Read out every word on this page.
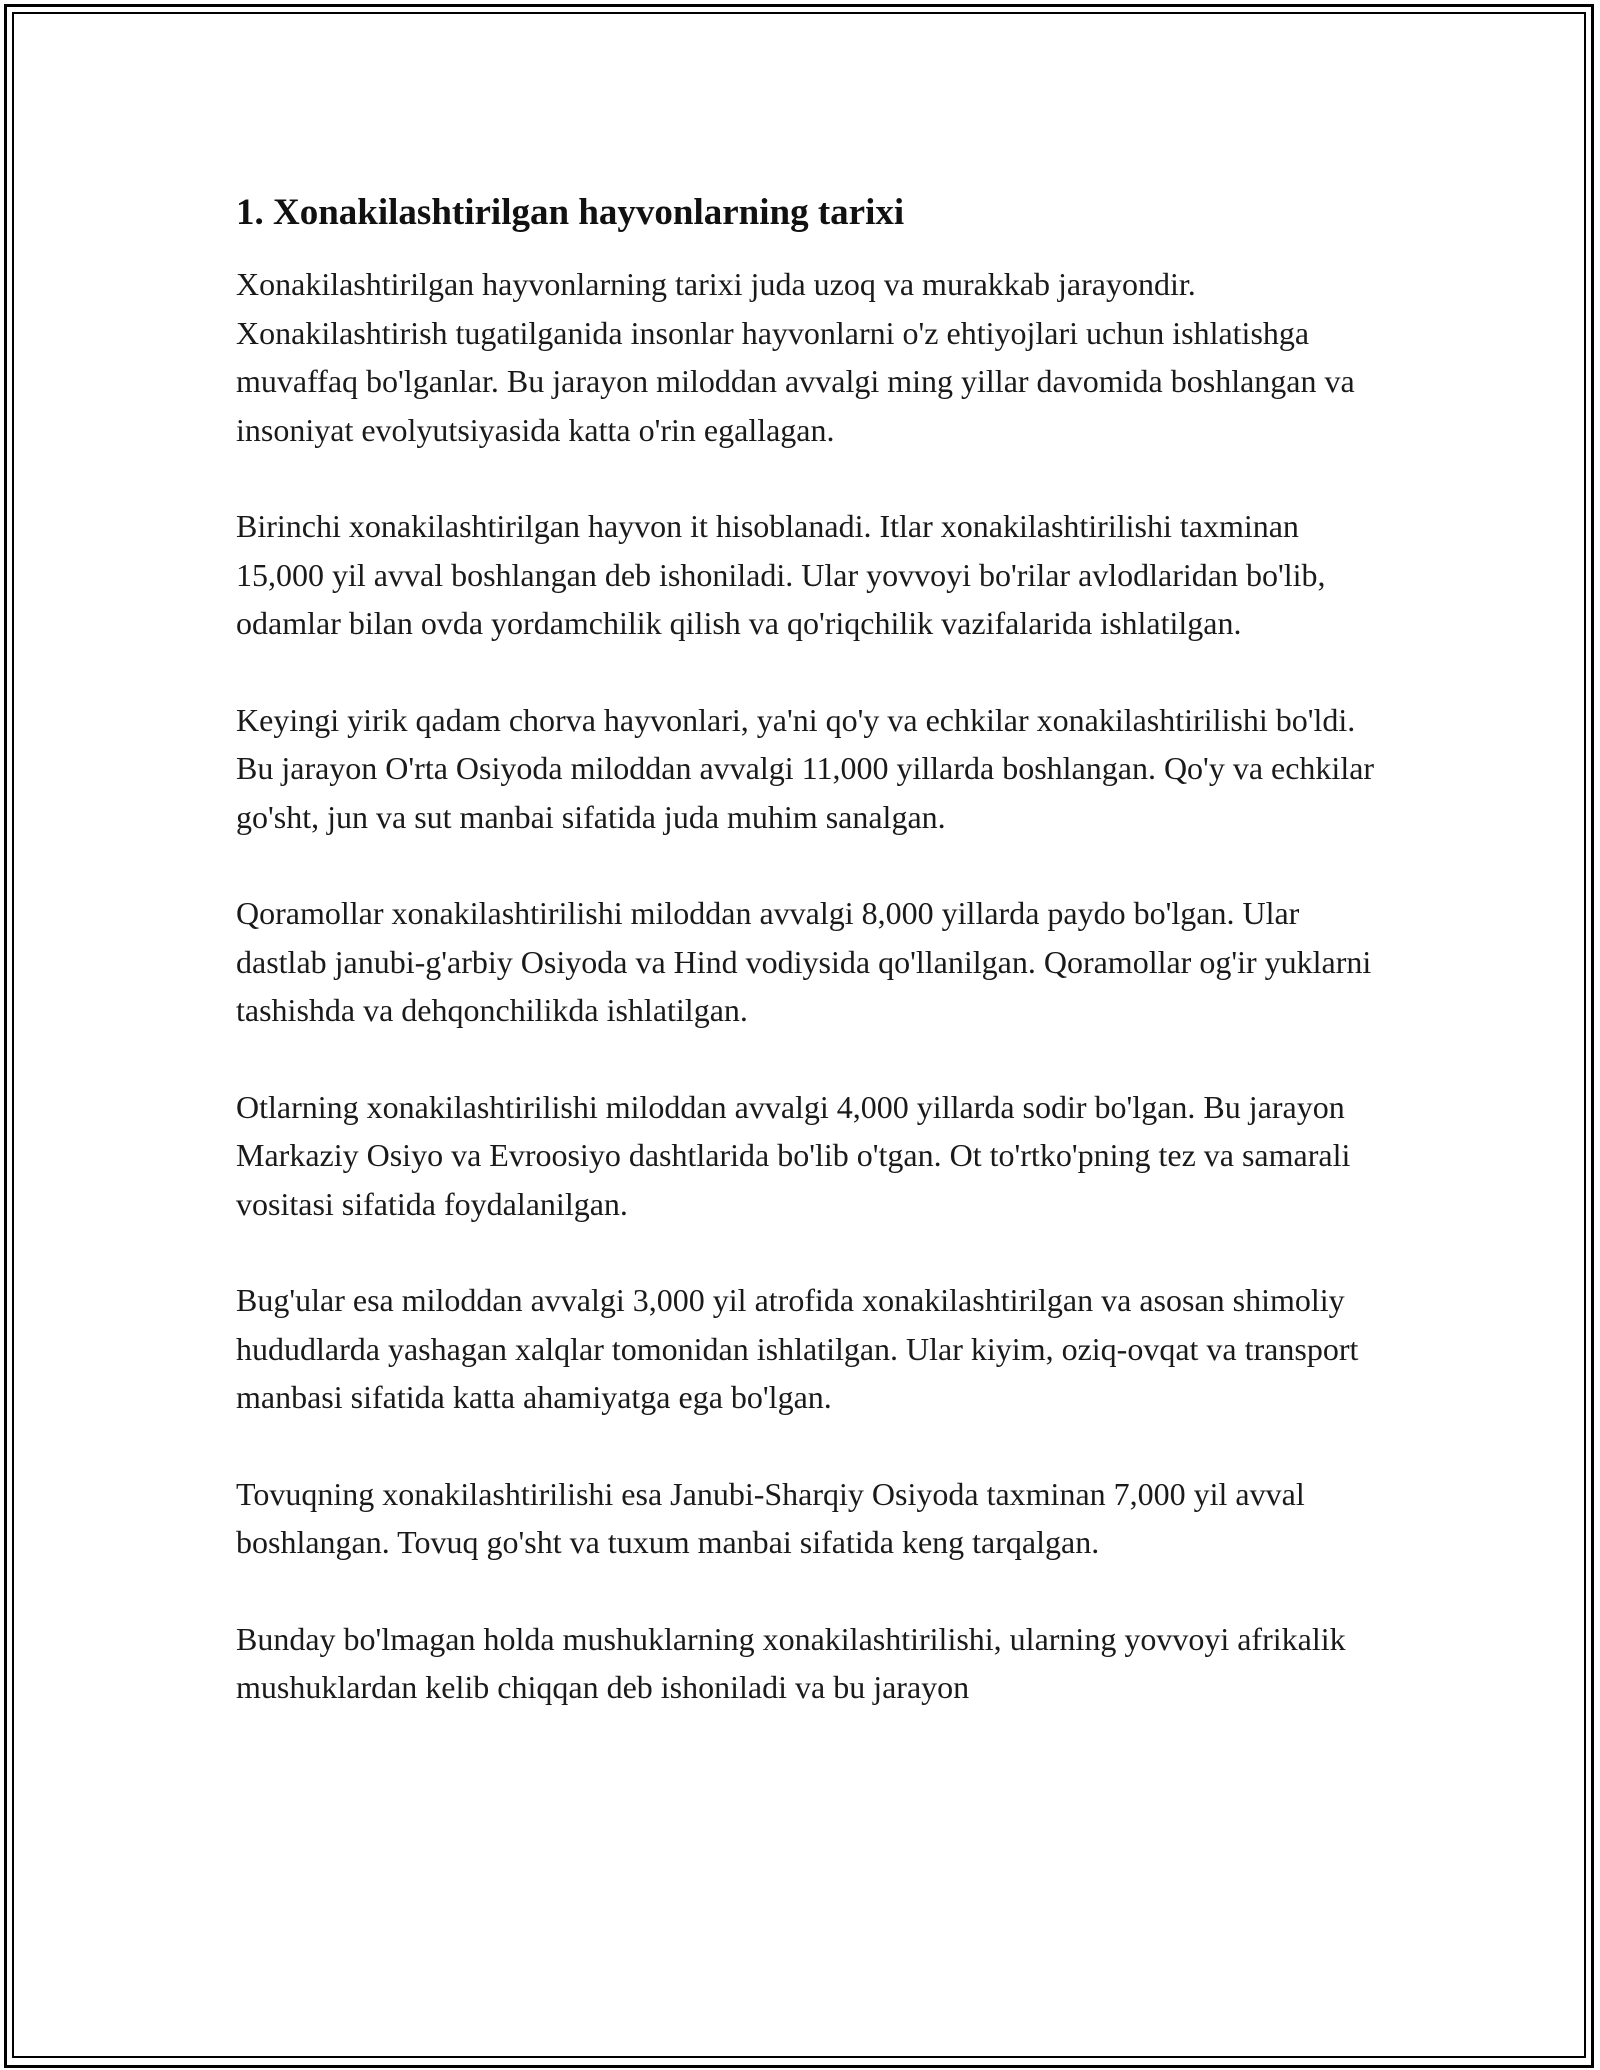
1. Xonakilashtirilgan hayvonlarning tarixi

Xonakilashtirilgan hayvonlarning tarixi juda uzoq va murakkab jarayondir. Xonakilashtirish tugatilganida insonlar hayvonlarni o'z ehtiyojlari uchun ishlatishga muvaffaq bo'lganlar. Bu jarayon miloddan avvalgi ming yillar davomida boshlangan va insoniyat evolyutsiyasida katta o'rin egallagan.

Birinchi xonakilashtirilgan hayvon it hisoblanadi. Itlar xonakilashtirilishi taxminan 15,000 yil avval boshlangan deb ishoniladi. Ular yovvoyi bo'rilar avlodlaridan bo'lib, odamlar bilan ovda yordamchilik qilish va qo'riqchilik vazifalarida ishlatilgan.

Keyingi yirik qadam chorva hayvonlari, ya'ni qo'y va echkilar xonakilashtirilishi bo'ldi. Bu jarayon O'rta Osiyoda miloddan avvalgi 11,000 yillarda boshlangan. Qo'y va echkilar go'sht, jun va sut manbai sifatida juda muhim sanalgan.

Qoramollar xonakilashtirilishi miloddan avvalgi 8,000 yillarda paydo bo'lgan. Ular dastlab janubi-g'arbiy Osiyoda va Hind vodiysida qo'llanilgan. Qoramollar og'ir yuklarni tashishda va dehqonchilikda ishlatilgan.

Otlarning xonakilashtirilishi miloddan avvalgi 4,000 yillarda sodir bo'lgan. Bu jarayon Markaziy Osiyo va Evroosiyo dashtlarida bo'lib o'tgan. Ot to'rtko'pning tez va samarali vositasi sifatida foydalanilgan.

Bug'ular esa miloddan avvalgi 3,000 yil atrofida xonakilashtirilgan va asosan shimoliy hududlarda yashagan xalqlar tomonidan ishlatilgan. Ular kiyim, oziq-ovqat va transport manbasi sifatida katta ahamiyatga ega bo'lgan.

Tovuqning xonakilashtirilishi esa Janubi-Sharqiy Osiyoda taxminan 7,000 yil avval boshlangan. Tovuq go'sht va tuxum manbai sifatida keng tarqalgan.

Bunday bo'lmagan holda mushuklarning xonakilashtirilishi, ularning yovvoyi afrikalik mushuklardan kelib chiqqan deb ishoniladi va bu jarayon
